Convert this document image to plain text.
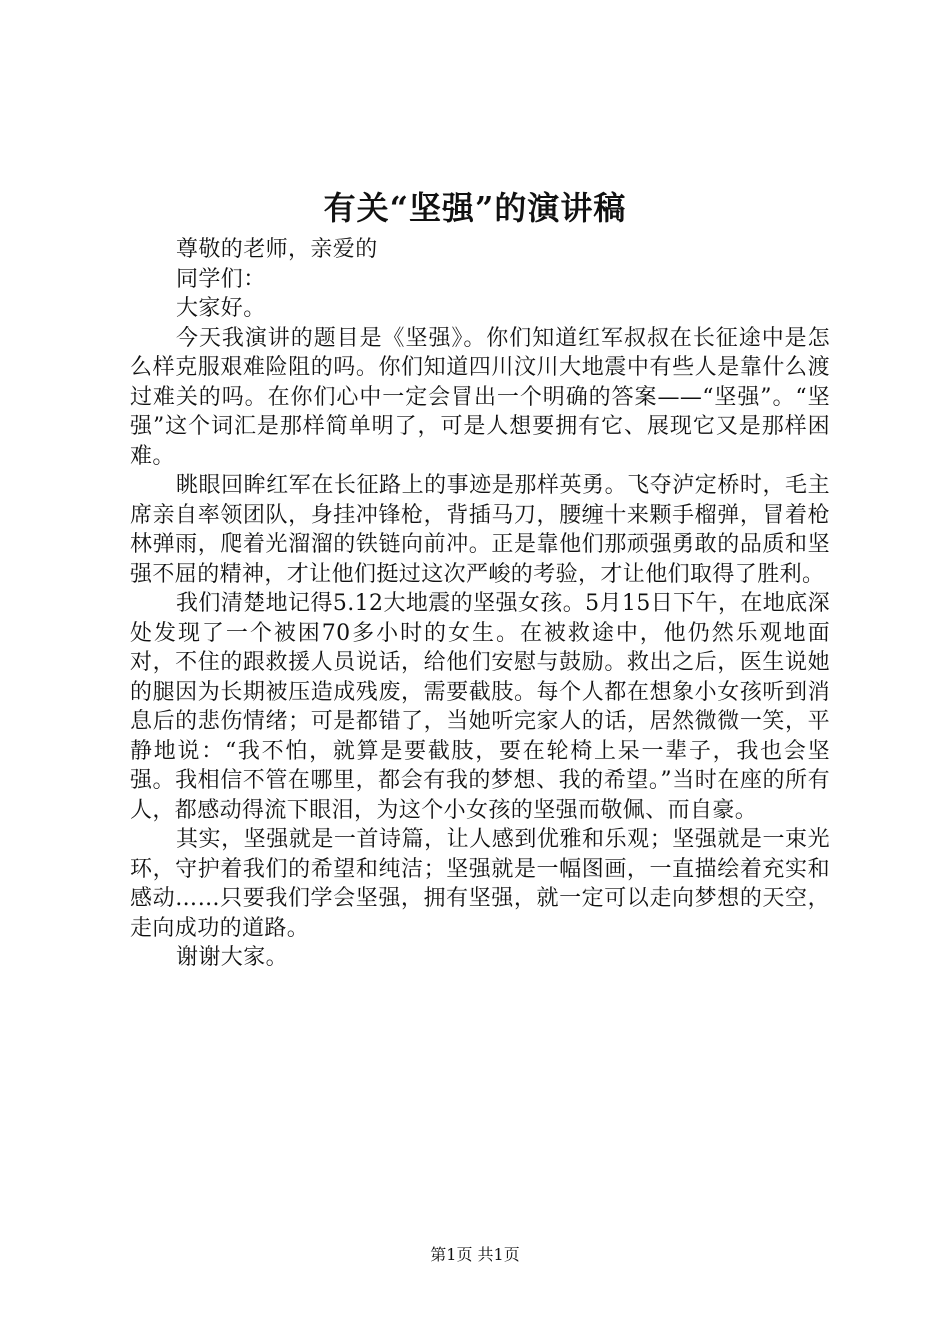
有关“坚强”的演讲稿

尊敬的老师，亲爱的

同学们：

大家好。

今天我演讲的题目是《坚强》。你们知道红军叔叔在长征途中是怎么样克服艰难险阻的吗。你们知道四川汶川大地震中有些人是靠什么渡过难关的吗。在你们心中一定会冒出一个明确的答案——“坚强”。“坚强”这个词汇是那样简单明了，可是人想要拥有它、展现它又是那样困难。

眺眼回眸红军在长征路上的事迹是那样英勇。飞夺泸定桥时，毛主席亲自率领团队，身挂冲锋枪，背插马刀，腰缠十来颗手榴弹，冒着枪林弹雨，爬着光溜溜的铁链向前冲。正是靠他们那顽强勇敢的品质和坚强不屈的精神，才让他们挺过这次严峻的考验，才让他们取得了胜利。

我们清楚地记得5.12大地震的坚强女孩。5月15日下午，在地底深处发现了一个被困70多小时的女生。在被救途中，他仍然乐观地面对，不住的跟救援人员说话，给他们安慰与鼓励。救出之后，医生说她的腿因为长期被压造成残废，需要截肢。每个人都在想象小女孩听到消息后的悲伤情绪；可是都错了，当她听完家人的话，居然微微一笑，平静地说：“我不怕，就算是要截肢，要在轮椅上呆一辈子，我也会坚强。我相信不管在哪里，都会有我的梦想、我的希望。”当时在座的所有人，都感动得流下眼泪，为这个小女孩的坚强而敬佩、而自豪。

其实，坚强就是一首诗篇，让人感到优雅和乐观；坚强就是一束光环，守护着我们的希望和纯洁；坚强就是一幅图画，一直描绘着充实和感动……只要我们学会坚强，拥有坚强，就一定可以走向梦想的天空，走向成功的道路。

谢谢大家。

第1页 共1页
